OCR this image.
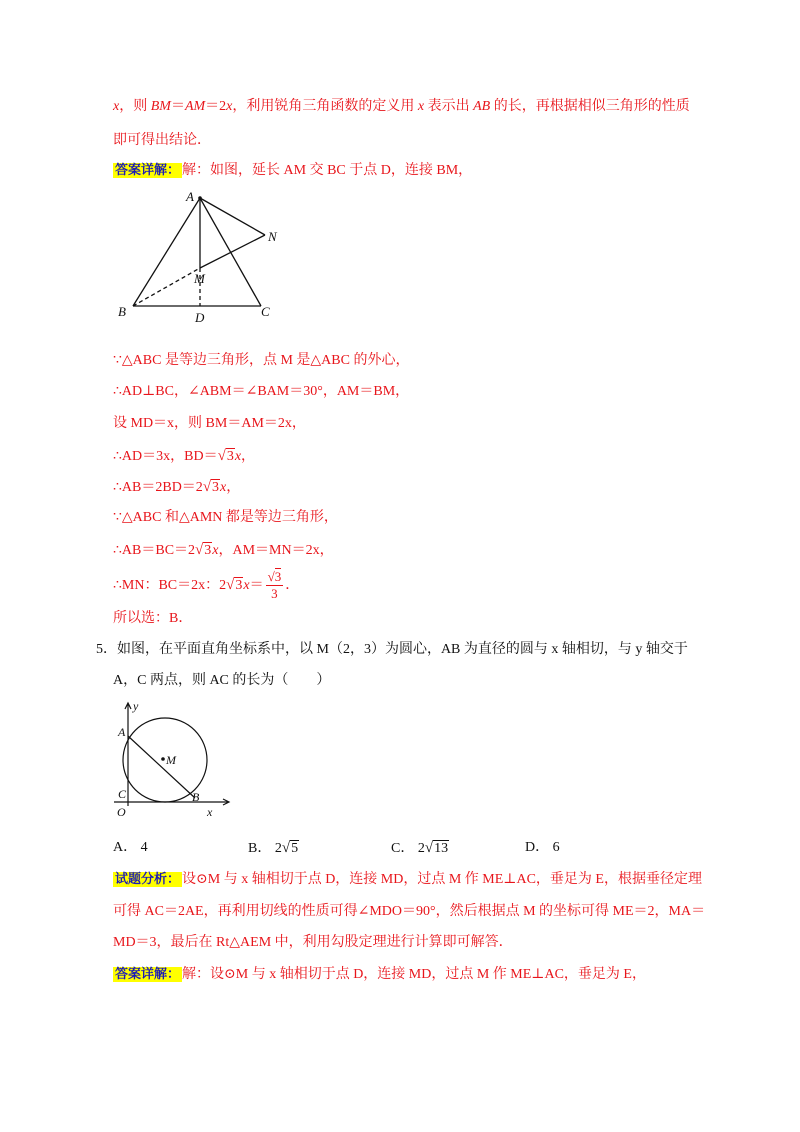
x，则 BM＝AM＝2x，利用锐角三角函数的定义用 x 表示出 AB 的长，再根据相似三角形的性质
即可得出结论．
答案详解： 解：如图，延长 AM 交 BC 于点 D，连接 BM，
A
N
M
B	D	C
∵△ABC 是等边三角形，点 M 是△ABC 的外心，
∴AD⊥BC，∠ABM＝∠BAM＝30°，AM＝BM，
设 MD＝x，则 BM＝AM＝2x，
∴AD＝3x，BD＝√3x，
∴AB＝2BD＝2√3x，
∵△ABC 和△AMN 都是等边三角形，
∴AB＝BC＝2√3x，AM＝MN＝2x，
∴MN：BC＝2x：$2√3x= \frac{√3}{3}$ ．
所以选：B．
5．如图，在平面直角坐标系中，以 M（2，3）为圆心，AB 为直径的圆与 x 轴相切，与 y 轴交于
A，C 两点，则 AC 的长为（　　）
y
A
M
C	B
O	x
A． 4	B． 2√5	C． 2√13	D． 6
试题分析： 设⊙M 与 x 轴相切于点 D，连接 MD，过点 M 作 ME⊥AC，垂足为 E，根据垂径定理
可得 AC＝2AE，再利用切线的性质可得∠MDO＝90°，然后根据点 M 的坐标可得 ME＝2，MA＝
MD＝3，最后在 Rt△AEM 中，利用勾股定理进行计算即可解答．
答案详解： 解：设⊙M 与 x 轴相切于点 D，连接 MD，过点 M 作 ME⊥AC，垂足为 E，
